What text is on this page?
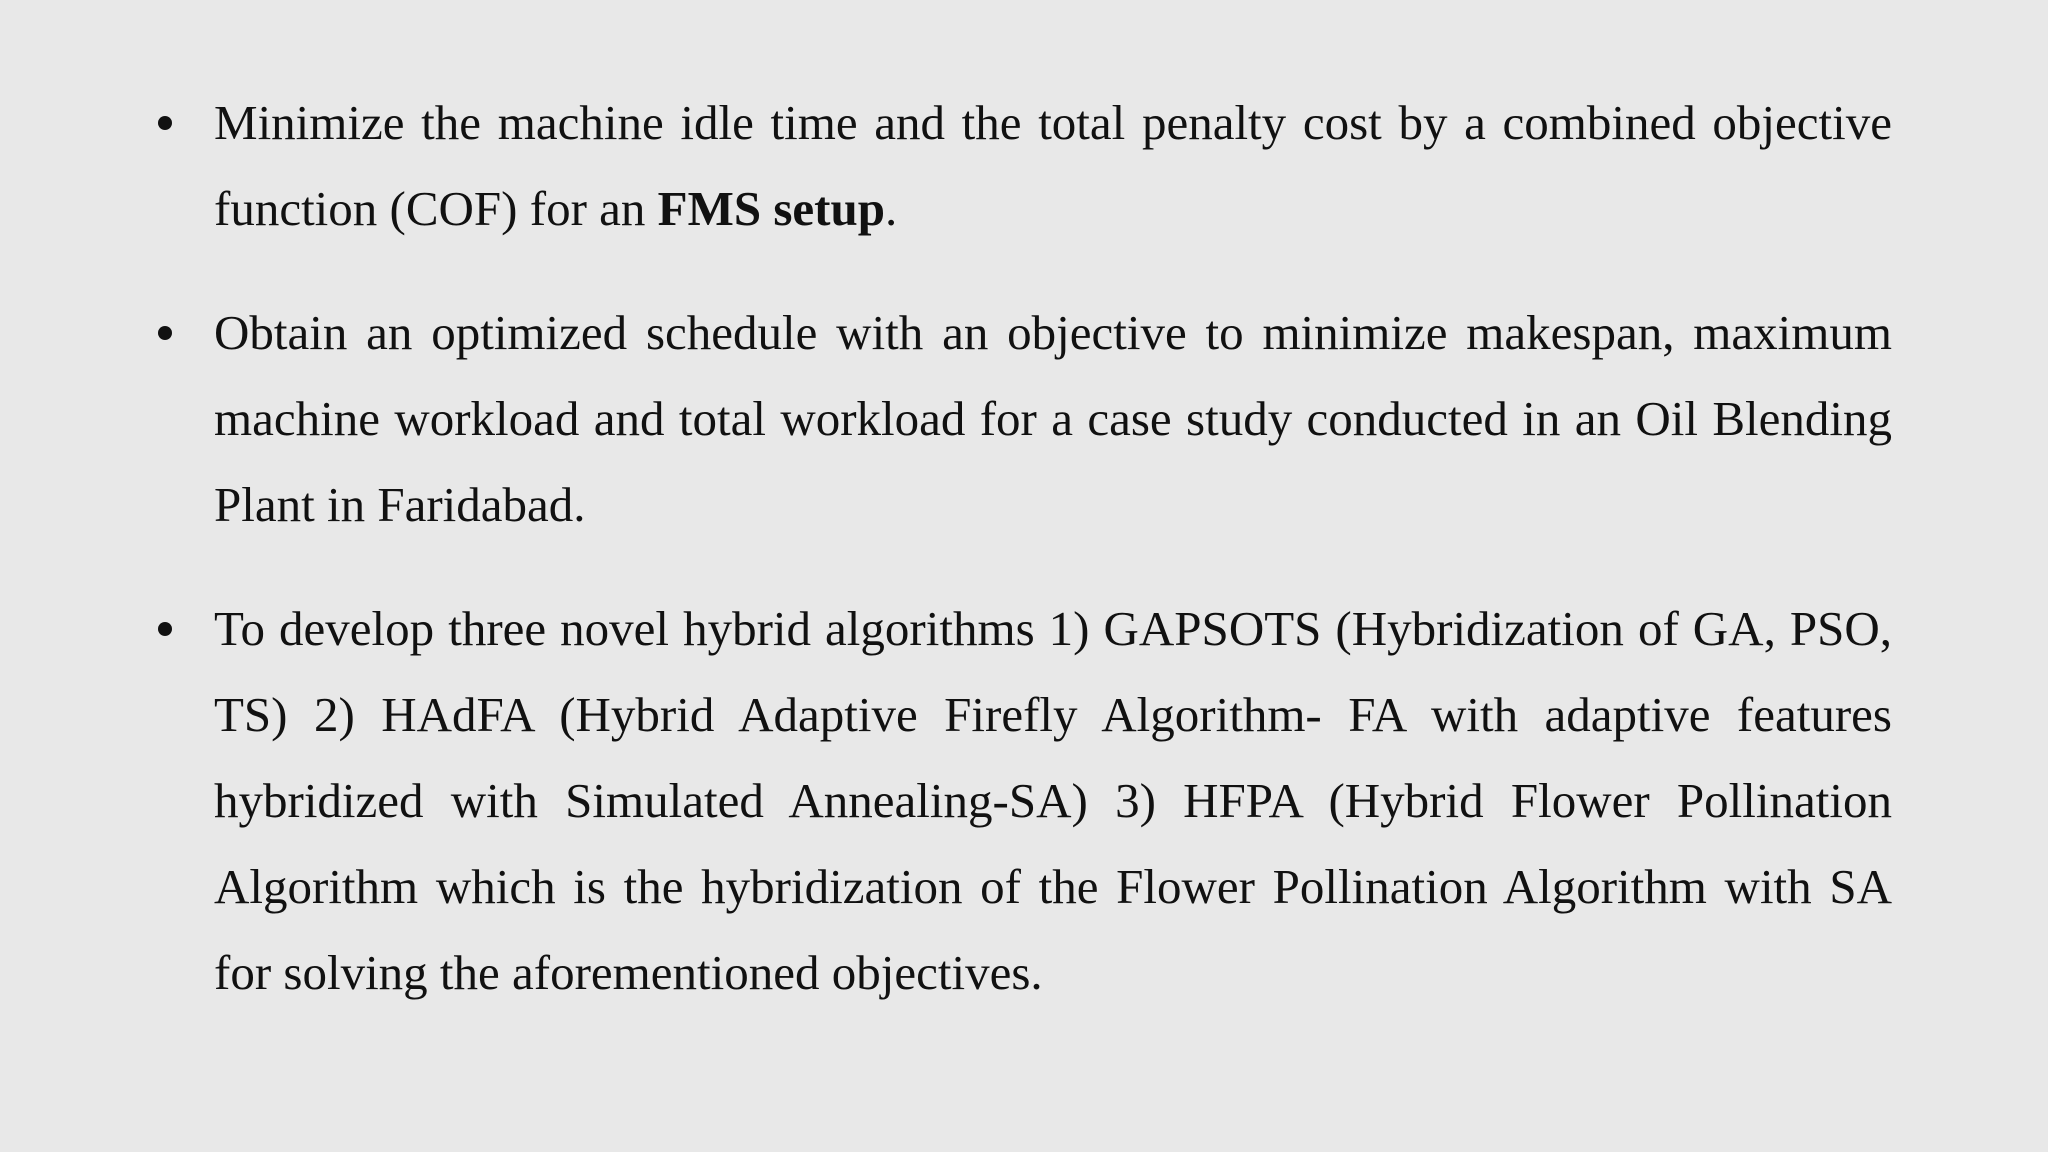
Minimize the machine idle time and the total penalty cost by a combined objective function (COF) for an FMS setup.
Obtain an optimized schedule with an objective to minimize makespan, maximum machine workload and total workload for a case study conducted in an Oil Blending Plant in Faridabad.
To develop three novel hybrid algorithms 1) GAPSOTS (Hybridization of GA, PSO, TS) 2) HAdFA (Hybrid Adaptive Firefly Algorithm- FA with adaptive features hybridized with Simulated Annealing-SA) 3) HFPA (Hybrid Flower Pollination Algorithm which is the hybridization of the Flower Pollination Algorithm with SA for solving the aforementioned objectives.
